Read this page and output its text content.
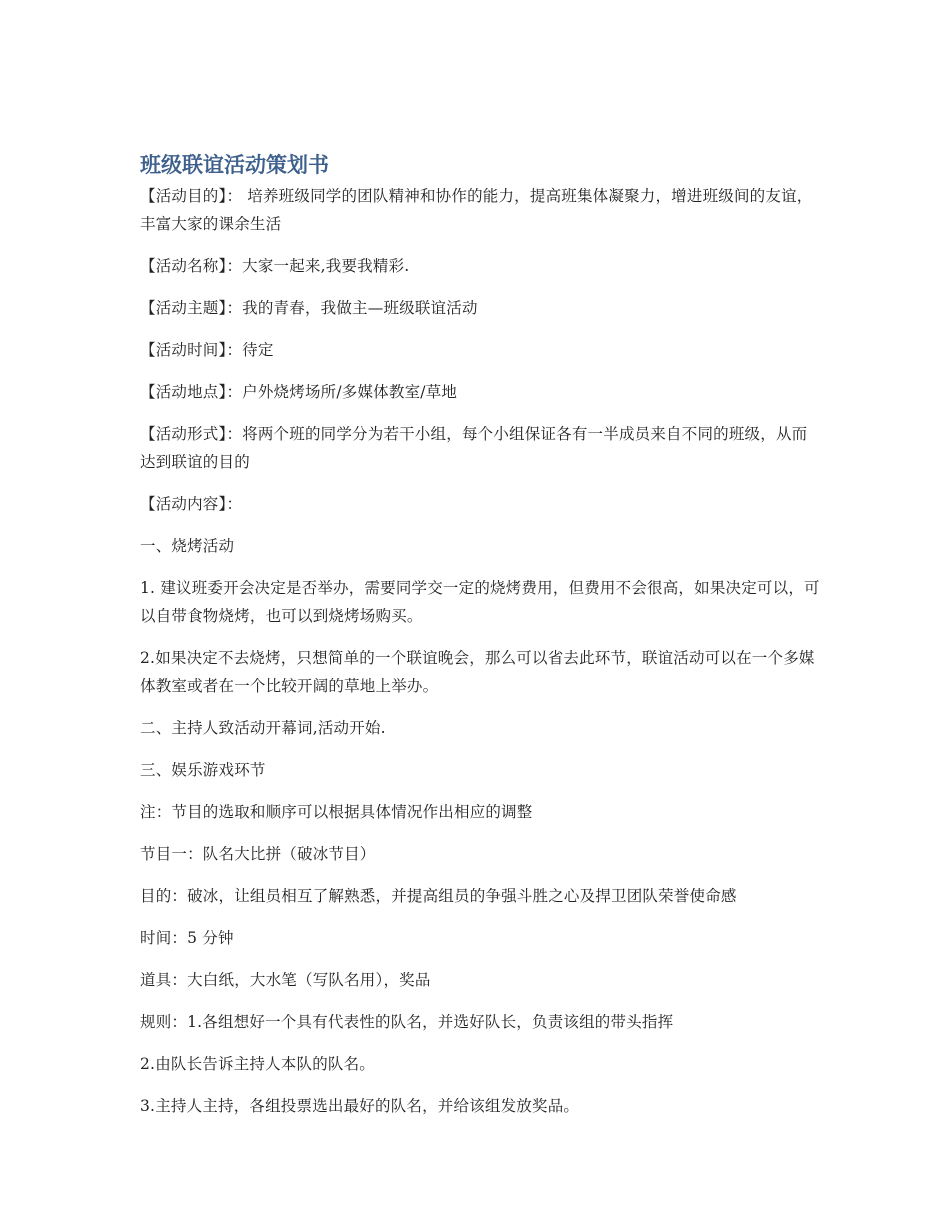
班级联谊活动策划书

【活动目的】： 培养班级同学的团队精神和协作的能力，提高班集体凝聚力，增进班级间的友谊，丰富大家的课余生活

【活动名称】：大家一起来,我要我精彩.

【活动主题】：我的青春，我做主—班级联谊活动

【活动时间】：待定

【活动地点】：户外烧烤场所/多媒体教室/草地

【活动形式】：将两个班的同学分为若干小组，每个小组保证各有一半成员来自不同的班级，从而达到联谊的目的

【活动内容】：

一、烧烤活动

1. 建议班委开会决定是否举办，需要同学交一定的烧烤费用，但费用不会很高，如果决定可以，可以自带食物烧烤，也可以到烧烤场购买。

2.如果决定不去烧烤，只想简单的一个联谊晚会，那么可以省去此环节，联谊活动可以在一个多媒体教室或者在一个比较开阔的草地上举办。

二、主持人致活动开幕词,活动开始.

三、娱乐游戏环节

注：节目的选取和顺序可以根据具体情况作出相应的调整

节目一：队名大比拼（破冰节目）

目的：破冰，让组员相互了解熟悉，并提高组员的争强斗胜之心及捍卫团队荣誉使命感

时间：5 分钟

道具：大白纸，大水笔（写队名用），奖品

规则：1.各组想好一个具有代表性的队名，并选好队长，负责该组的带头指挥

2.由队长告诉主持人本队的队名。

3.主持人主持，各组投票选出最好的队名，并给该组发放奖品。
